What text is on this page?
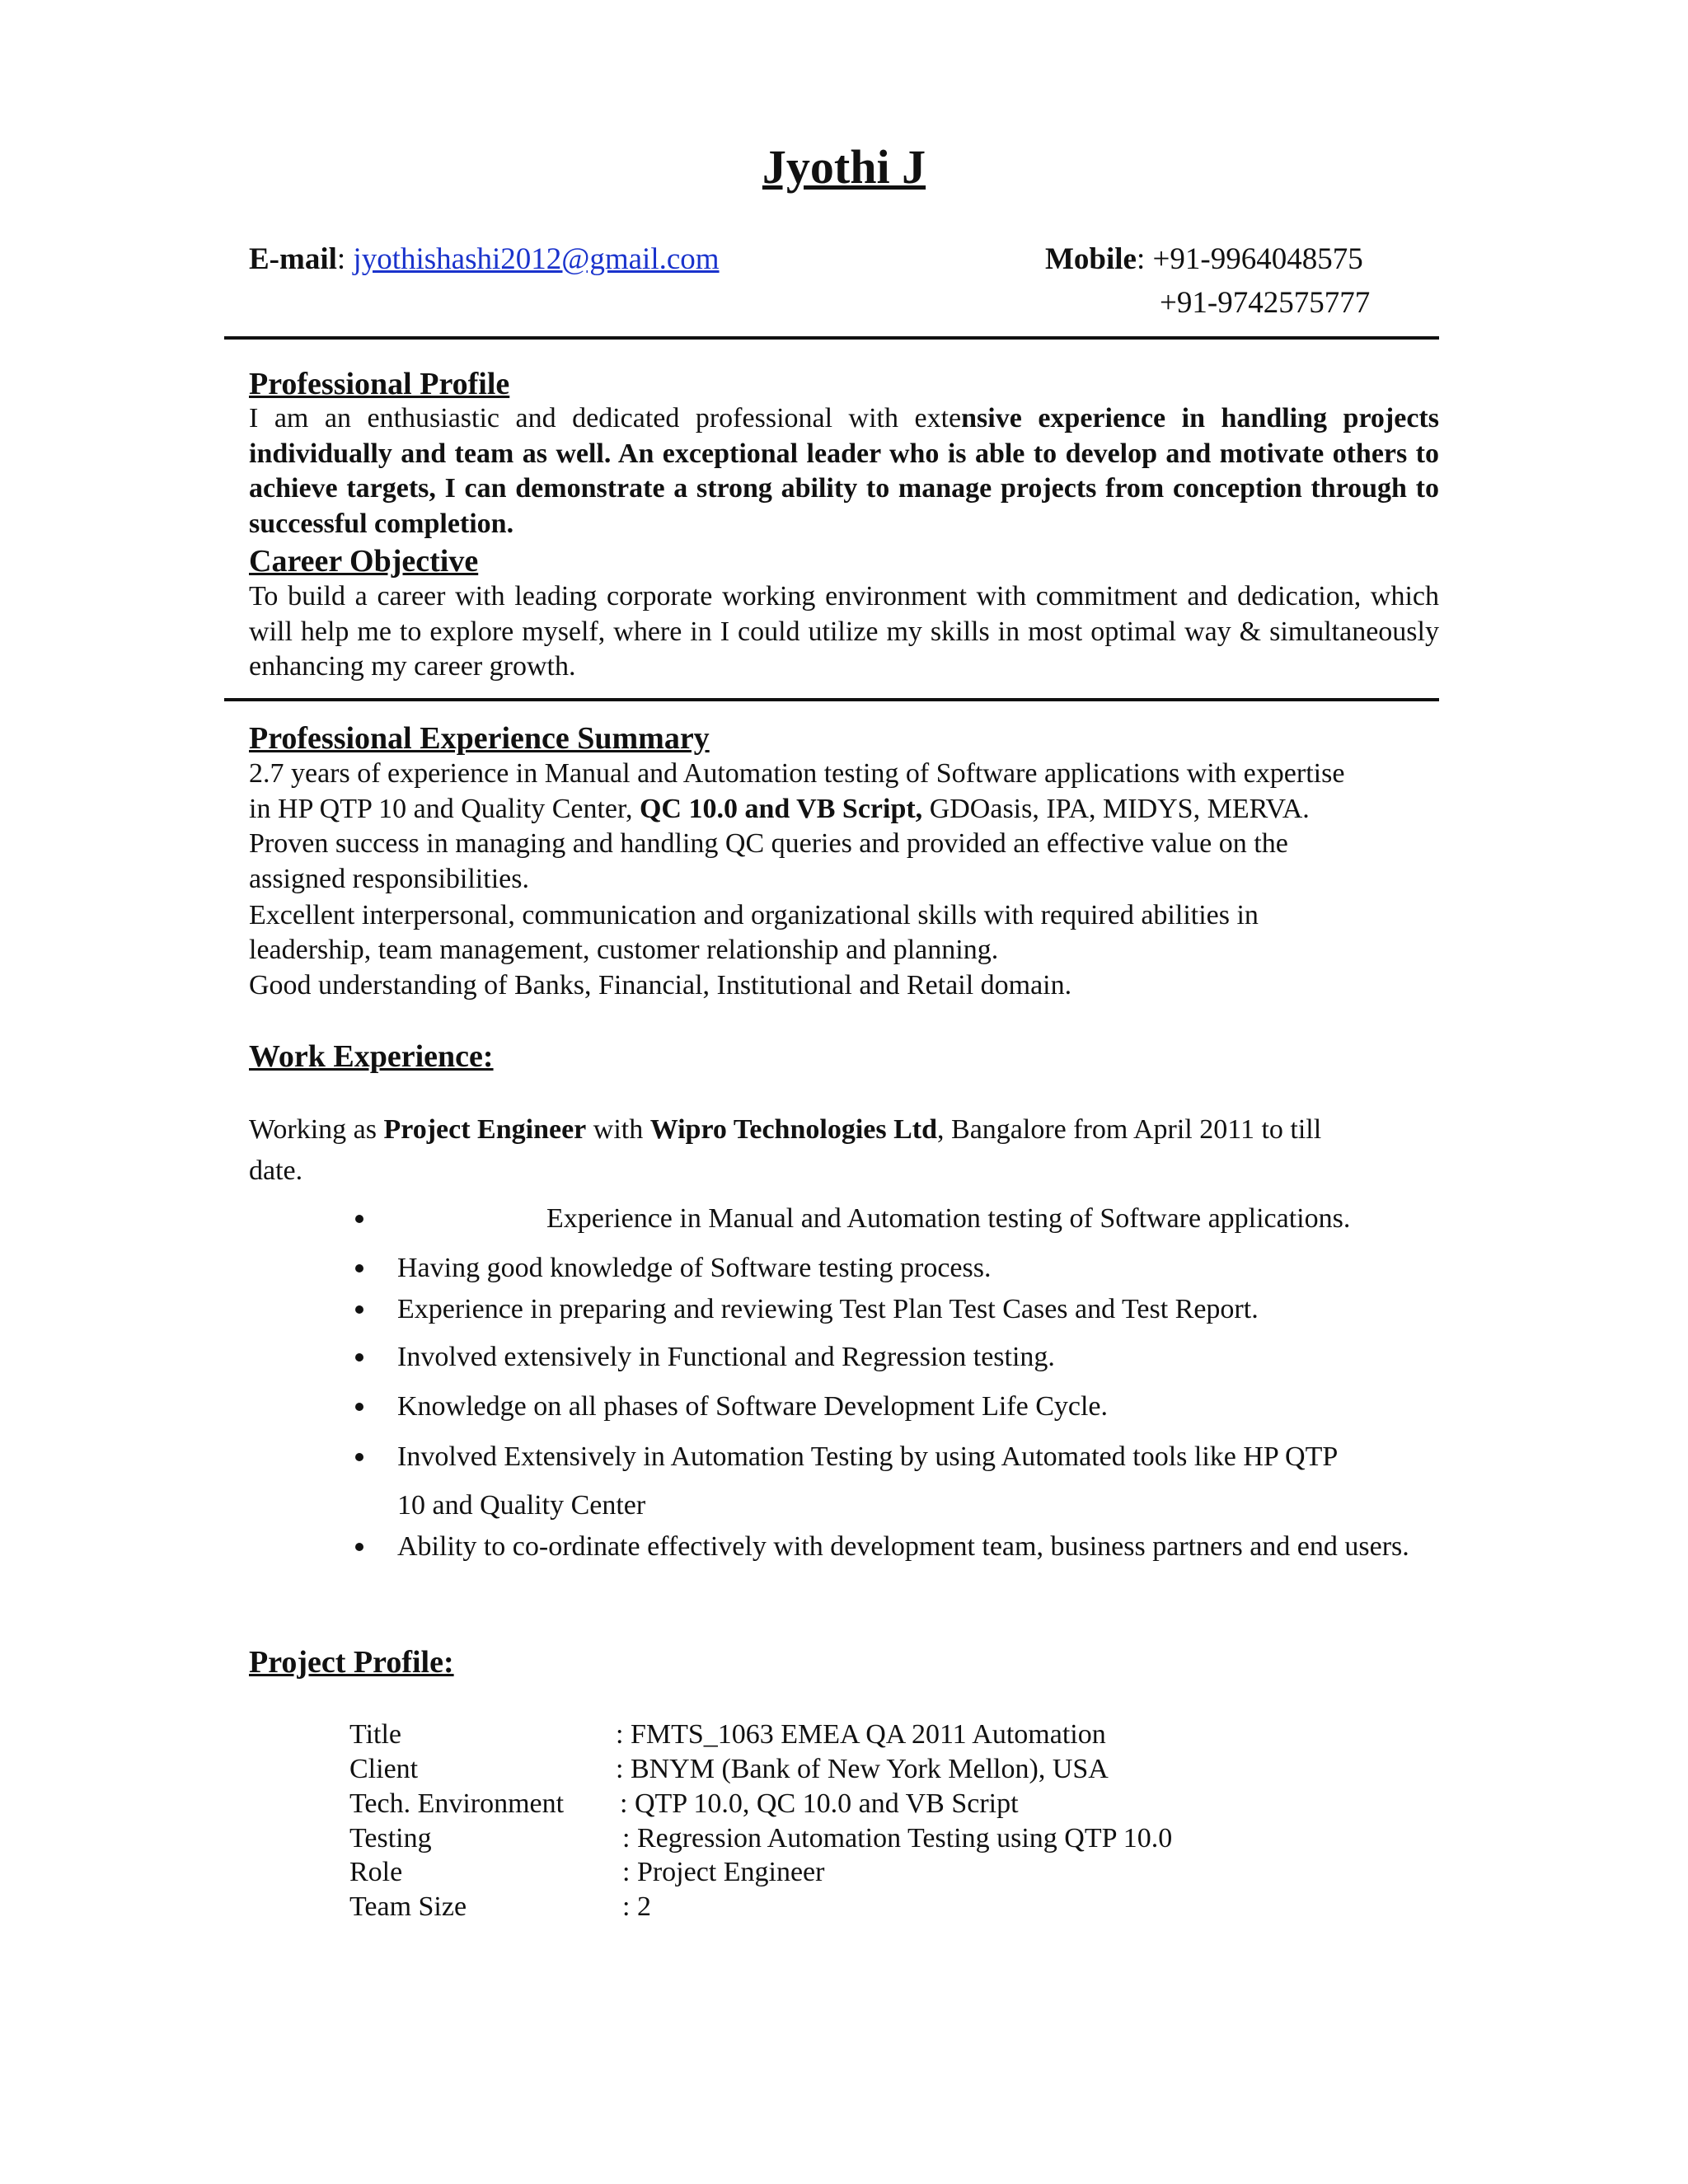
Jyothi J
E-mail: jyothishashi2012@gmail.com	Mobile: +91-9964048575
+91-9742575777
Professional Profile
I am an enthusiastic and dedicated professional with extensive experience in handling projects individually and team as well. An exceptional leader who is able to develop and motivate others to achieve targets, I can demonstrate a strong ability to manage projects from conception through to successful completion.
Career Objective
To build a career with leading corporate working environment with commitment and dedication, which will help me to explore myself, where in I could utilize my skills in most optimal way & simultaneously enhancing my career growth.
Professional Experience Summary
2.7 years of experience in Manual and Automation testing of Software applications with expertise
in HP QTP 10 and Quality Center, QC 10.0 and VB Script, GDOasis, IPA, MIDYS, MERVA.
Proven success in managing and handling QC queries and provided an effective value on the
assigned responsibilities.
Excellent interpersonal, communication and organizational skills with required abilities in
leadership, team management, customer relationship and planning.
Good understanding of Banks, Financial, Institutional and Retail domain.
Work Experience:
Working as Project Engineer with Wipro Technologies Ltd, Bangalore from April 2011 to till
date.
Experience in Manual and Automation testing of Software applications.
Having good knowledge of Software testing process.
Experience in preparing and reviewing Test Plan Test Cases and Test Report.
Involved extensively in Functional and Regression testing.
Knowledge on all phases of Software Development Life Cycle.
Involved Extensively in Automation Testing by using Automated tools like HP QTP
10 and Quality Center
Ability to co-ordinate effectively with development team, business partners and end users.
Project Profile:
Title	: FMTS_1063 EMEA QA 2011 Automation
Client	: BNYM (Bank of New York Mellon), USA
Tech. Environment : QTP 10.0, QC 10.0 and VB Script
Testing	: Regression Automation Testing using QTP 10.0
Role	: Project Engineer
Team Size	: 2
